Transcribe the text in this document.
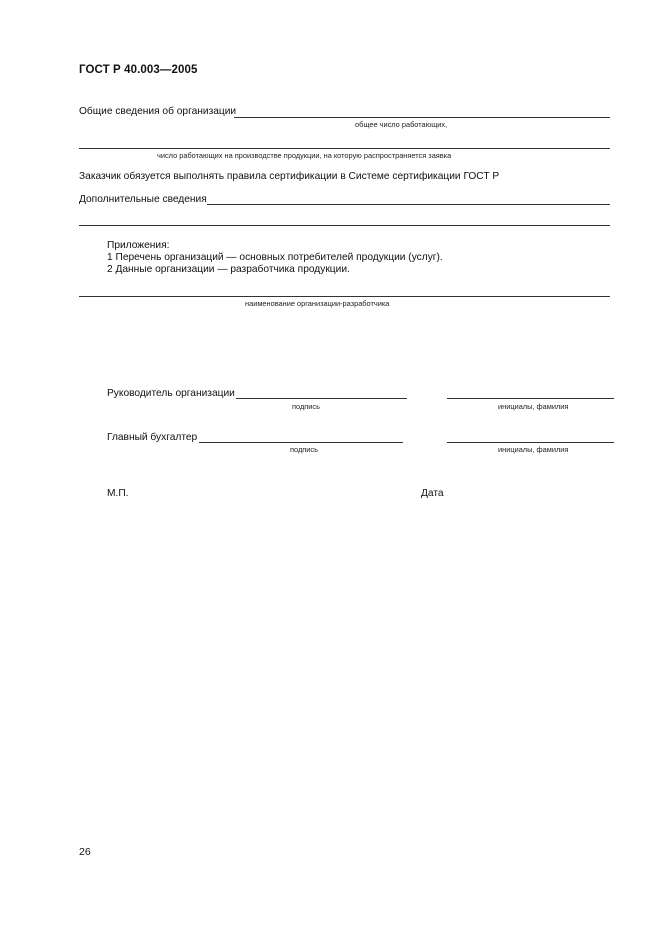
ГОСТ Р 40.003—2005
Общие сведения об организации
общее число работающих,
число работающих на производстве продукции, на которую распространяется заявка
Заказчик обязуется выполнять правила сертификации в Системе сертификации ГОСТ Р
Дополнительные сведения
Приложения:
1 Перечень организаций — основных потребителей продукции (услуг).
2 Данные организации — разработчика продукции.
наименование организации-разработчика
Руководитель организации
подпись	инициалы, фамилия
Главный бухгалтер
подпись	инициалы, фамилия
М.П.	Дата
26
